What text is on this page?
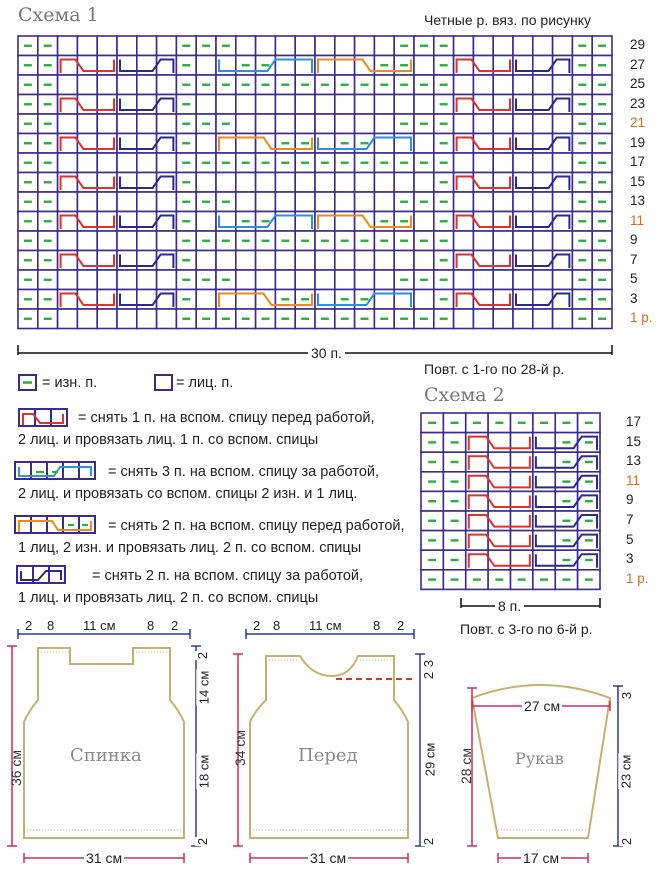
Схема 1	Четные р. вяз. по рисунку
29
27
25
23
21
19
17
15
13
11
9
7
5
3
1 р.
30 п.
Повт. с 1-го по 28-й р.
= изн. п.	= лиц. п.
= снять 1 п. на вспом. спицу перед работой,
2 лиц. и провязать лиц. 1 п. со вспом. спицы
= снять 3 п. на вспом. спицу за работой,
2 лиц. и провязать со вспом. спицы 2 изн. и 1 лиц.
= снять 2 п. на вспом. спицу перед работой,
1 лиц, 2 изн. и провязать лиц. 2 п. со вспом. спицы
= снять 2 п. на вспом. спицу за работой,
1 лиц. и провязать лиц. 2 п. со вспом. спицы
Схема 2
17
15
13
11
9
7
5
3
1 р.
8 п.
Повт. с 3-го по 6-й р.
Спинка
36 см
31 см
2 8 11 см 8 2
2
14 см
18 см
2
Перед
34 см
31 см
2 8 11 см 8 2
3
2
29 см
2
Рукав
27 см
28 см
17 см
3
23 см
2
